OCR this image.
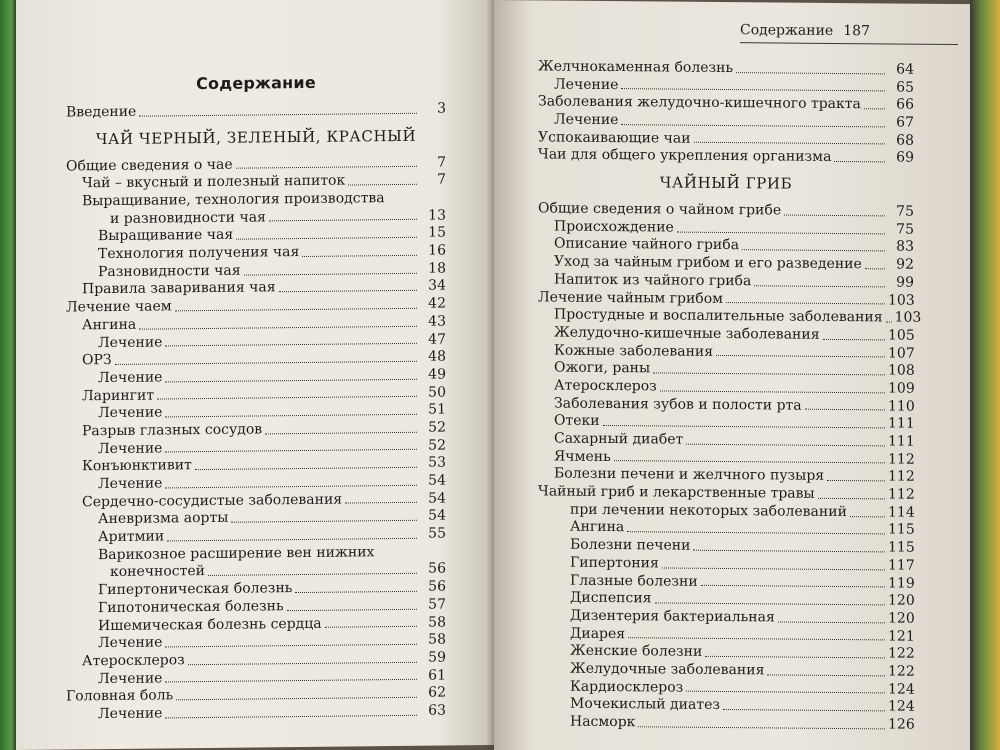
Содержание
Введение	3
ЧАЙ ЧЕРНЫЙ, ЗЕЛЕНЫЙ, КРАСНЫЙ
Общие сведения о чае	7
Чай – вкусный и полезный напиток	7
Выращивание, технология производства
и разновидности чая	13
Выращивание чая	15
Технология получения чая	16
Разновидности чая	18
Правила заваривания чая	34
Лечение чаем	42
Ангина	43
Лечение	47
ОРЗ	48
Лечение	49
Ларингит	50
Лечение	51
Разрыв глазных сосудов	52
Лечение	52
Конъюнктивит	53
Лечение	54
Сердечно-сосудистые заболевания	54
Аневризма аорты	54
Аритмии	55
Варикозное расширение вен нижних
конечностей	56
Гипертоническая болезнь	56
Гипотоническая болезнь	57
Ишемическая болезнь сердца	58
Лечение	58
Атеросклероз	59
Лечение	61
Головная боль	62
Лечение	63
Содержание 187
Желчнокаменная болезнь	64
Лечение	65
Заболевания желудочно-кишечного тракта	66
Лечение	67
Успокаивающие чаи	68
Чаи для общего укрепления организма	69
ЧАЙНЫЙ ГРИБ
Общие сведения о чайном грибе	75
Происхождение	75
Описание чайного гриба	83
Уход за чайным грибом и его разведение	92
Напиток из чайного гриба	99
Лечение чайным грибом	103
Простудные и воспалительные заболевания 103
Желудочно-кишечные заболевания	105
Кожные заболевания	107
Ожоги, раны	108
Атеросклероз	109
Заболевания зубов и полости рта	110
Отеки	111
Сахарный диабет	111
Ячмень	112
Болезни печени и желчного пузыря	112
Чайный гриб и лекарственные травы	112
при лечении некоторых заболеваний	114
Ангина	115
Болезни печени	115
Гипертония	117
Глазные болезни	119
Диспепсия	120
Дизентерия бактериальная	120
Диарея	121
Женские болезни	122
Желудочные заболевания	122
Кардиосклероз	124
Мочекислый диатез	124
Насморк	126
